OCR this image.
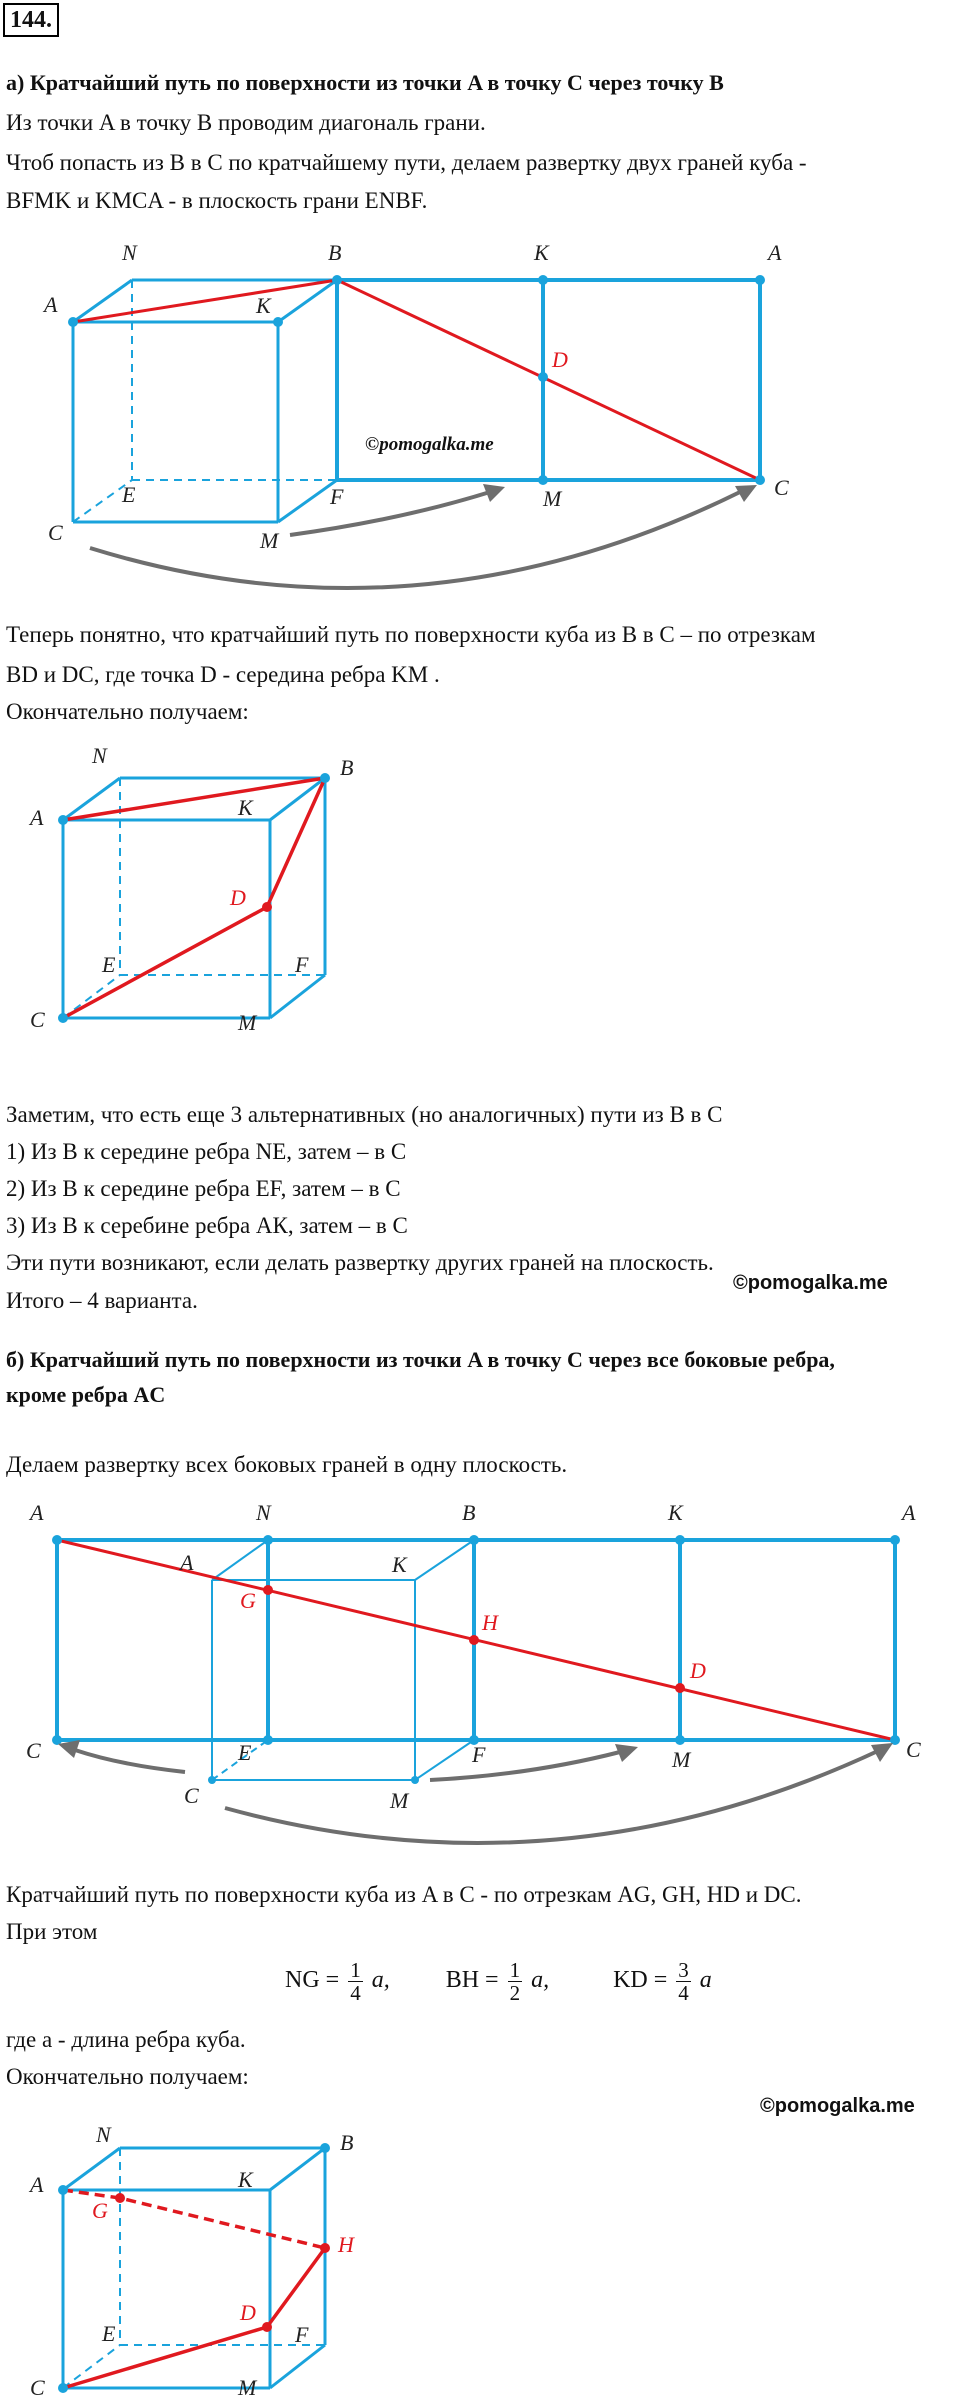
144.
а) Кратчайший путь по поверхности из точки A в точку C через точку B
Из точки A в точку B проводим диагональ грани.
Чтоб попасть из B в C по кратчайшему пути, делаем развертку двух граней куба -
BFMK и KMCA - в плоскость грани ENBF.
Теперь понятно, что кратчайший путь по поверхности куба из B в C – по отрезкам
BD и DC, где точка D - середина ребра KM .
Окончательно получаем:
Заметим, что есть еще 3 альтернативных (но аналогичных) пути из В в С
1) Из В к середине ребра NE, затем – в С
2) Из В к середине ребра EF, затем – в С
3) Из В к серебине ребра АК, затем – в С
Эти пути возникают, если делать развертку других граней на плоскость.
Итого – 4 варианта.
©pomogalka.me
б) Кратчайший путь по поверхности из точки A в точку C через все боковые ребра,
кроме ребра AC
Делаем развертку всех боковых граней в одну плоскость.
Кратчайший путь по поверхности куба из A в C - по отрезкам AG, GH, HD и DC.
При этом
NG = $\frac{1}{4} a$, BH = $\frac{1}{2} a$,	KD = $\frac{3}{4}$ a
где a - длина ребра куба.
Окончательно получаем:
©pomogalka.me
A
N	B
K
K	A
E	F	M	C
C	M
D
©pomogalka.me
A
N	B
K
E	F
C	M
D
A	N	B	K	A
A	K
C	E	F	M	C
C	M
G
H
D
A
N	B
K
E	F
C	M
G
H
D
